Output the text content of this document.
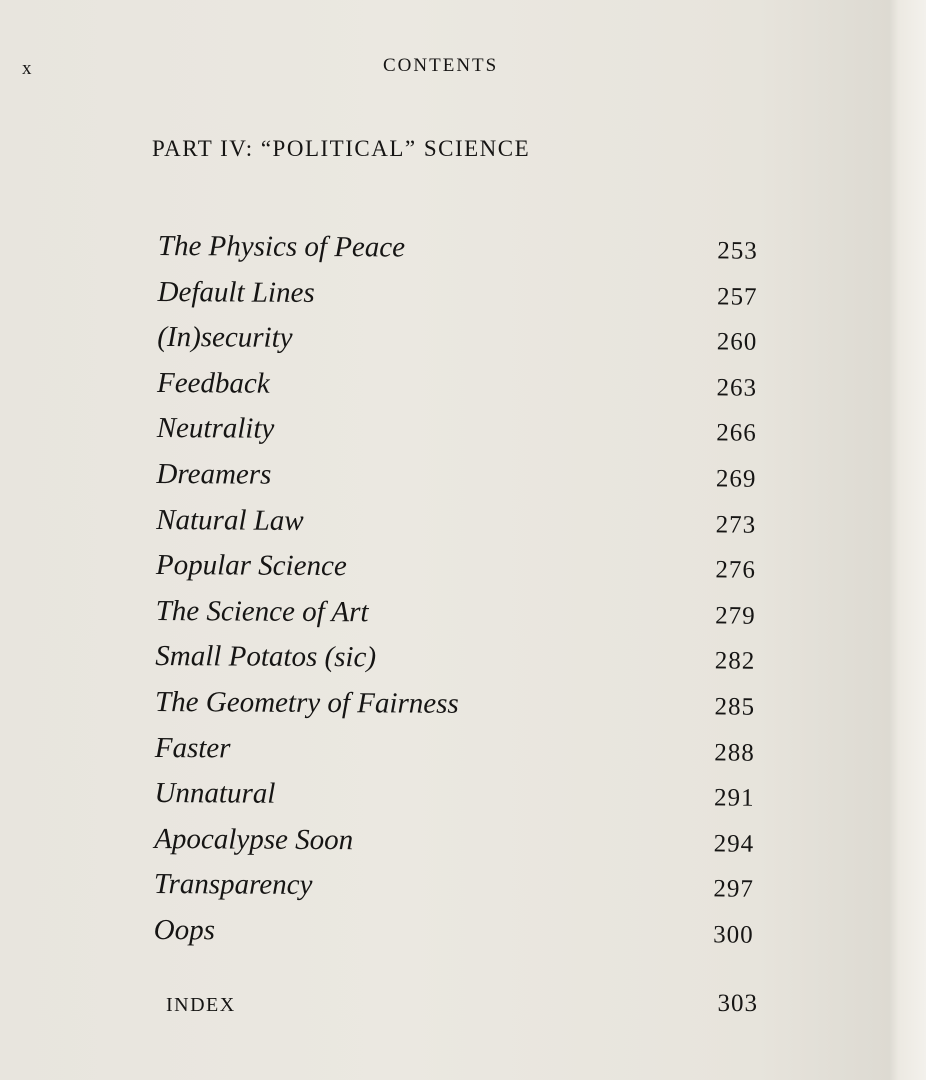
x	CONTENTS
PART IV: “POLITICAL” SCIENCE
The Physics of Peace	253
Default Lines	257
(In)security	260
Feedback	263
Neutrality	266
Dreamers	269
Natural Law	273
Popular Science	276
The Science of Art	279
Small Potatos (sic)	282
The Geometry of Fairness	285
Faster	288
Unnatural	291
Apocalypse Soon	294
Transparency	297
Oops	300
INDEX	303
